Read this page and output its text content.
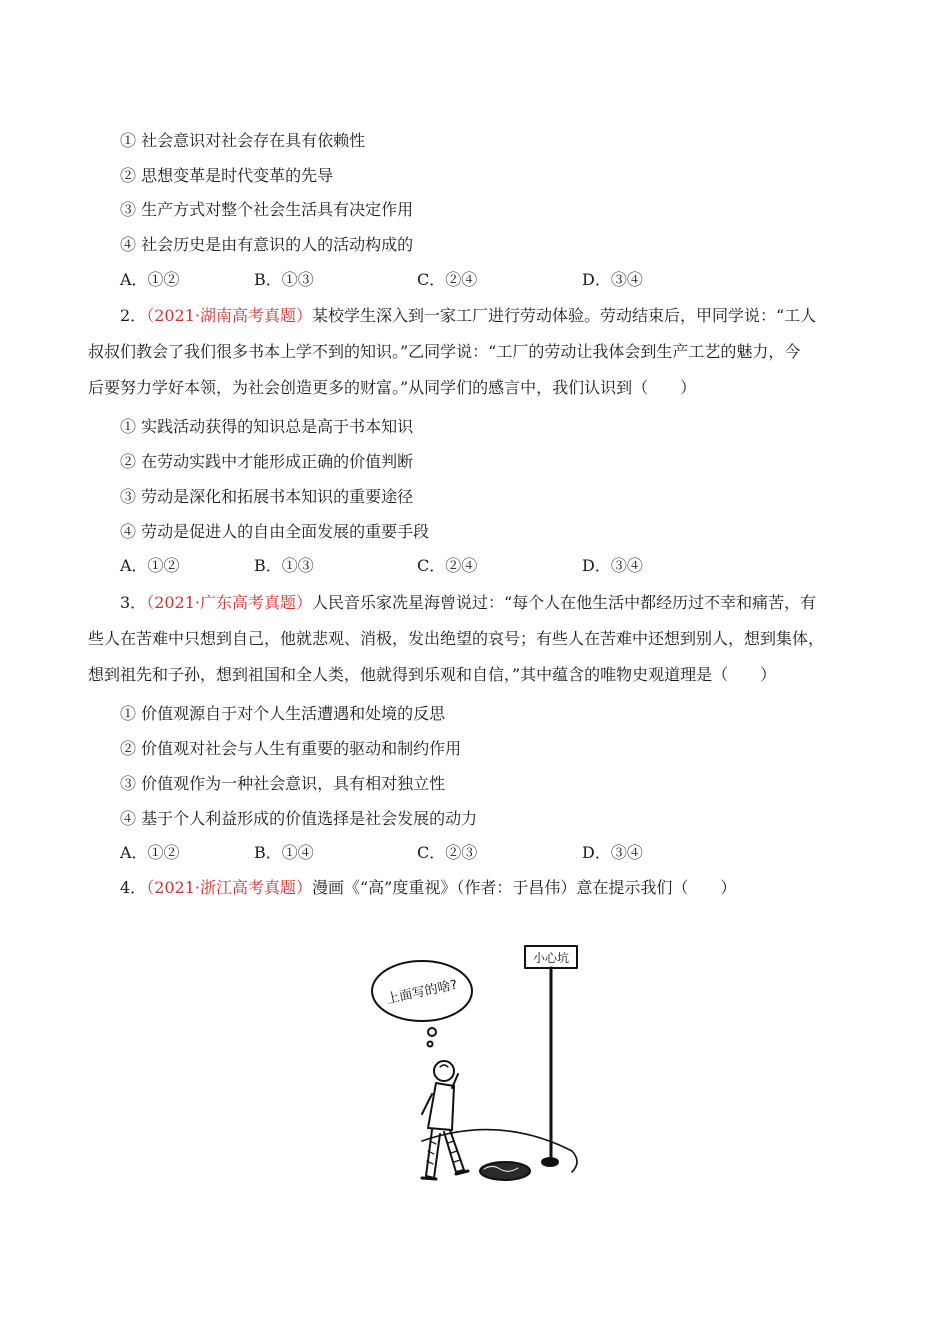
① 社会意识对社会存在具有依赖性
② 思想变革是时代变革的先导
③ 生产方式对整个社会生活具有决定作用
④ 社会历史是由有意识的人的活动构成的
A．①②	B．①③	C．②④	D．③④
2．（2021·湖南高考真题）某校学生深入到一家工厂进行劳动体验。劳动结束后，甲同学说：“工人
叔叔们教会了我们很多书本上学不到的知识。”乙同学说：“工厂的劳动让我体会到生产工艺的魅力，今
后要努力学好本领，为社会创造更多的财富。”从同学们的感言中，我们认识到（　　）
① 实践活动获得的知识总是高于书本知识
② 在劳动实践中才能形成正确的价值判断
③ 劳动是深化和拓展书本知识的重要途径
④ 劳动是促进人的自由全面发展的重要手段
A．①②	B．①③	C．②④	D．③④
3．（2021·广东高考真题）人民音乐家冼星海曾说过：“每个人在他生活中都经历过不幸和痛苦，有
些人在苦难中只想到自己，他就悲观、消极，发出绝望的哀号；有些人在苦难中还想到别人，想到集体，
想到祖先和子孙，想到祖国和全人类，他就得到乐观和自信，”其中蕴含的唯物史观道理是（　　）
① 价值观源自于对个人生活遭遇和处境的反思
② 价值观对社会与人生有重要的驱动和制约作用
③ 价值观作为一种社会意识，具有相对独立性
④ 基于个人利益形成的价值选择是社会发展的动力
A．①②	B．①④	C．②③	D．③④
4．（2021·浙江高考真题）漫画《“高”度重视》（作者：于昌伟）意在提示我们（　　）
小心坑
上面写的啥?
